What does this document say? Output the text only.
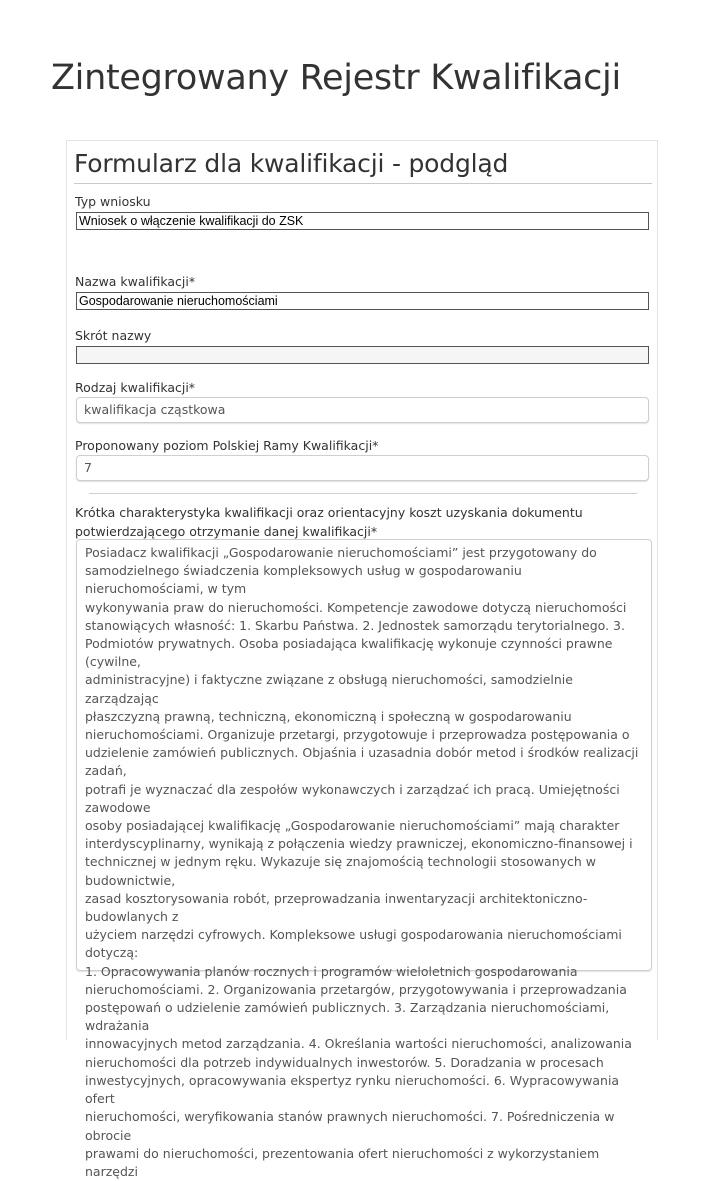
Zintegrowany Rejestr Kwalifikacji
Formularz dla kwalifikacji - podgląd
Typ wniosku
Wniosek o włączenie kwalifikacji do ZSK
Nazwa kwalifikacji*
Gospodarowanie nieruchomościami
Skrót nazwy
Rodzaj kwalifikacji*
kwalifikacja cząstkowa
Proponowany poziom Polskiej Ramy Kwalifikacji*
7
Krótka charakterystyka kwalifikacji oraz orientacyjny koszt uzyskania dokumentu potwierdzającego otrzymanie danej kwalifikacji*
Posiadacz kwalifikacji „Gospodarowanie nieruchomościami” jest przygotowany do
samodzielnego świadczenia kompleksowych usług w gospodarowaniu nieruchomościami, w tym
wykonywania praw do nieruchomości. Kompetencje zawodowe dotyczą nieruchomości
stanowiących własność: 1. Skarbu Państwa. 2. Jednostek samorządu terytorialnego. 3.
Podmiotów prywatnych. Osoba posiadająca kwalifikację wykonuje czynności prawne (cywilne,
administracyjne) i faktyczne związane z obsługą nieruchomości, samodzielnie zarządzając
płaszczyzną prawną, techniczną, ekonomiczną i społeczną w gospodarowaniu
nieruchomościami. Organizuje przetargi, przygotowuje i przeprowadza postępowania o
udzielenie zamówień publicznych. Objaśnia i uzasadnia dobór metod i środków realizacji zadań,
potrafi je wyznaczać dla zespołów wykonawczych i zarządzać ich pracą. Umiejętności zawodowe
osoby posiadającej kwalifikację „Gospodarowanie nieruchomościami” mają charakter
interdyscyplinarny, wynikają z połączenia wiedzy prawniczej, ekonomiczno-finansowej i
technicznej w jednym ręku. Wykazuje się znajomością technologii stosowanych w budownictwie,
zasad kosztorysowania robót, przeprowadzania inwentaryzacji architektoniczno-budowlanych z
użyciem narzędzi cyfrowych. Kompleksowe usługi gospodarowania nieruchomościami dotyczą:
1. Opracowywania planów rocznych i programów wieloletnich gospodarowania
nieruchomościami. 2. Organizowania przetargów, przygotowywania i przeprowadzania
postępowań o udzielenie zamówień publicznych. 3. Zarządzania nieruchomościami, wdrażania
innowacyjnych metod zarządzania. 4. Określania wartości nieruchomości, analizowania
nieruchomości dla potrzeb indywidualnych inwestorów. 5. Doradzania w procesach
inwestycyjnych, opracowywania ekspertyz rynku nieruchomości. 6. Wypracowywania ofert
nieruchomości, weryfikowania stanów prawnych nieruchomości. 7. Pośredniczenia w obrocie
prawami do nieruchomości, prezentowania ofert nieruchomości z wykorzystaniem narzędzi
